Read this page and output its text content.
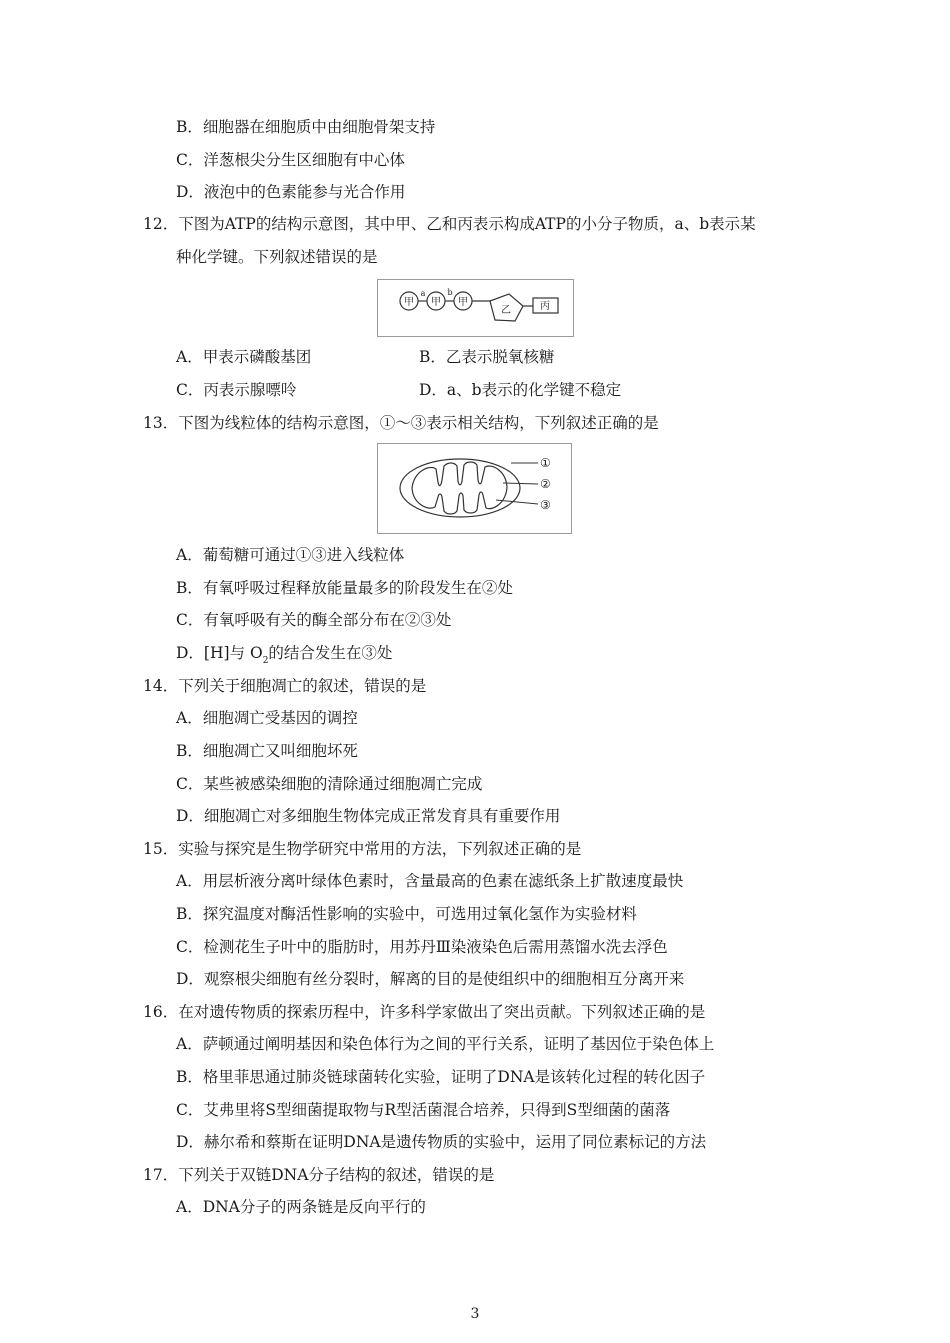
B．细胞器在细胞质中由细胞骨架支持
C．洋葱根尖分生区细胞有中心体
D．液泡中的色素能参与光合作用
12．下图为ATP的结构示意图，其中甲、乙和丙表示构成ATP的小分子物质，a、b表示某
种化学键。下列叙述错误的是
甲
a
甲
b
甲
乙	丙
A．甲表示磷酸基团	B．乙表示脱氧核糖
C．丙表示腺嘌呤	D．a、b表示的化学键不稳定
13．下图为线粒体的结构示意图，①～③表示相关结构，下列叙述正确的是
①
②
③
A．葡萄糖可通过①③进入线粒体
B．有氧呼吸过程释放能量最多的阶段发生在②处
C．有氧呼吸有关的酶全部分布在②③处
D．[H]与 $O_2$的结合发生在③处
14．下列关于细胞凋亡的叙述，错误的是
A．细胞凋亡受基因的调控
B．细胞凋亡又叫细胞坏死
C．某些被感染细胞的清除通过细胞凋亡完成
D．细胞凋亡对多细胞生物体完成正常发育具有重要作用
15．实验与探究是生物学研究中常用的方法，下列叙述正确的是
A．用层析液分离叶绿体色素时，含量最高的色素在滤纸条上扩散速度最快
B．探究温度对酶活性影响的实验中，可选用过氧化氢作为实验材料
C．检测花生子叶中的脂肪时，用苏丹Ⅲ染液染色后需用蒸馏水洗去浮色
D．观察根尖细胞有丝分裂时，解离的目的是使组织中的细胞相互分离开来
16．在对遗传物质的探索历程中，许多科学家做出了突出贡献。下列叙述正确的是
A．萨顿通过阐明基因和染色体行为之间的平行关系，证明了基因位于染色体上
B．格里菲思通过肺炎链球菌转化实验，证明了DNA是该转化过程的转化因子
C．艾弗里将S型细菌提取物与R型活菌混合培养，只得到S型细菌的菌落
D．赫尔希和蔡斯在证明DNA是遗传物质的实验中，运用了同位素标记的方法
17．下列关于双链DNA分子结构的叙述，错误的是
A．DNA分子的两条链是反向平行的
3
